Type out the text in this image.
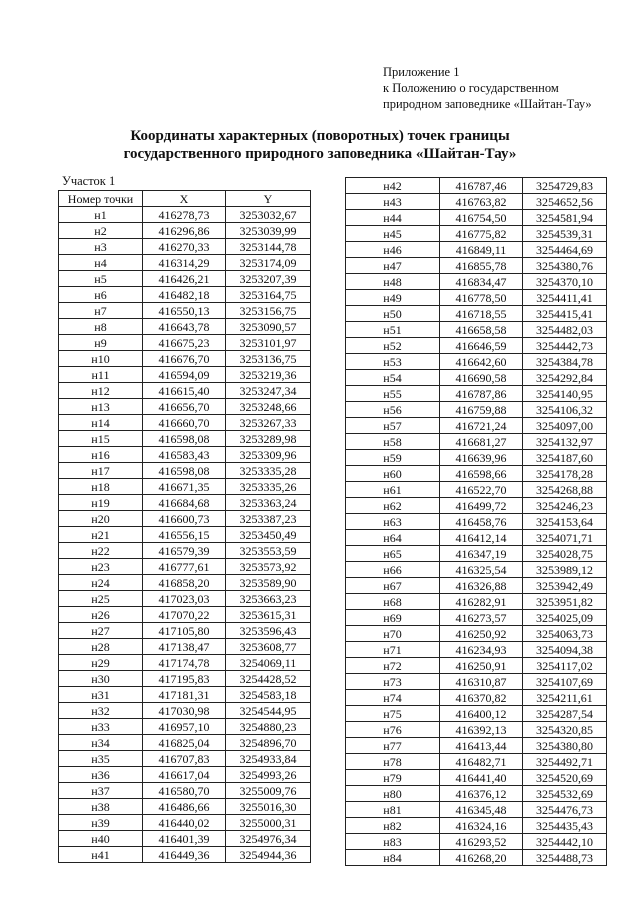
Приложение 1
к Положению о государственном
природном заповеднике «Шайтан-Тау»
Координаты характерных (поворотных) точек границы
государственного природного заповедника «Шайтан-Тау»
Участок 1
Номер точки	X	Y
н1	416278,73	3253032,67
н2	416296,86	3253039,99
н3	416270,33	3253144,78
н4	416314,29	3253174,09
н5	416426,21	3253207,39
н6	416482,18	3253164,75
н7	416550,13	3253156,75
н8	416643,78	3253090,57
н9	416675,23	3253101,97
н10	416676,70	3253136,75
н11	416594,09	3253219,36
н12	416615,40	3253247,34
н13	416656,70	3253248,66
н14	416660,70	3253267,33
н15	416598,08	3253289,98
н16	416583,43	3253309,96
н17	416598,08	3253335,28
н18	416671,35	3253335,26
н19	416684,68	3253363,24
н20	416600,73	3253387,23
н21	416556,15	3253450,49
н22	416579,39	3253553,59
н23	416777,61	3253573,92
н24	416858,20	3253589,90
н25	417023,03	3253663,23
н26	417070,22	3253615,31
н27	417105,80	3253596,43
н28	417138,47	3253608,77
н29	417174,78	3254069,11
н30	417195,83	3254428,52
н31	417181,31	3254583,18
н32	417030,98	3254544,95
н33	416957,10	3254880,23
н34	416825,04	3254896,70
н35	416707,83	3254933,84
н36	416617,04	3254993,26
н37	416580,70	3255009,76
н38	416486,66	3255016,30
н39	416440,02	3255000,31
н40	416401,39	3254976,34
н41	416449,36	3254944,36
н42	416787,46	3254729,83
н43	416763,82	3254652,56
н44	416754,50	3254581,94
н45	416775,82	3254539,31
н46	416849,11	3254464,69
н47	416855,78	3254380,76
н48	416834,47	3254370,10
н49	416778,50	3254411,41
н50	416718,55	3254415,41
н51	416658,58	3254482,03
н52	416646,59	3254442,73
н53	416642,60	3254384,78
н54	416690,58	3254292,84
н55	416787,86	3254140,95
н56	416759,88	3254106,32
н57	416721,24	3254097,00
н58	416681,27	3254132,97
н59	416639,96	3254187,60
н60	416598,66	3254178,28
н61	416522,70	3254268,88
н62	416499,72	3254246,23
н63	416458,76	3254153,64
н64	416412,14	3254071,71
н65	416347,19	3254028,75
н66	416325,54	3253989,12
н67	416326,88	3253942,49
н68	416282,91	3253951,82
н69	416273,57	3254025,09
н70	416250,92	3254063,73
н71	416234,93	3254094,38
н72	416250,91	3254117,02
н73	416310,87	3254107,69
н74	416370,82	3254211,61
н75	416400,12	3254287,54
н76	416392,13	3254320,85
н77	416413,44	3254380,80
н78	416482,71	3254492,71
н79	416441,40	3254520,69
н80	416376,12	3254532,69
н81	416345,48	3254476,73
н82	416324,16	3254435,43
н83	416293,52	3254442,10
н84	416268,20	3254488,73
